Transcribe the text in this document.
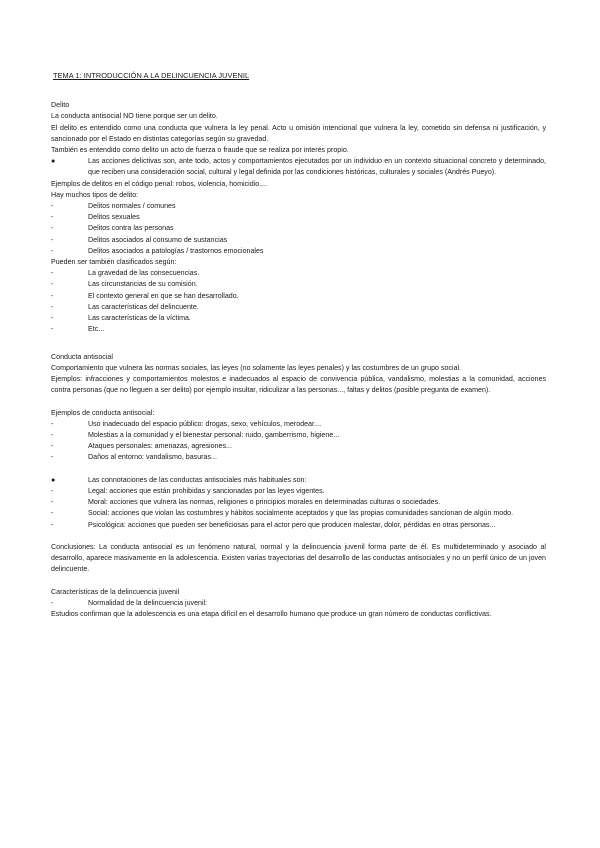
TEMA 1: INTRODUCCIÓN A LA DELINCUENCIA JUVENIL

Delito

La conducta antisocial NO tiene porque ser un delito.

El delito es entendido como una conducta que vulnera la ley penal. Acto u omisión intencional que vulnera la ley, cometido sin defensa ni justificación, y sancionado por el Estado en distintas categorías según su gravedad.

También es entendido como delito un acto de fuerza o fraude que se realiza por interés propio.

●	Las acciones delictivas son, ante todo, actos y comportamientos ejecutados por un individuo en un contexto situacional concreto y determinado, que reciben una consideración social, cultural y legal definida por las condiciones históricas, culturales y sociales (Andrés Pueyo).

Ejemplos de delitos en el código penal: robos, violencia, homicidio....

Hay muchos tipos de delito:

-	Delitos normales / comunes
-	Delitos sexuales
-	Delitos contra las personas
-	Delitos asociados al consumo de sustancias
-	Delitos asociados a patologías / trastornos emocionales

Pueden ser también clasificados según:

-	La gravedad de las consecuencias.
-	Las circunstancias de su comisión.
-	El contexto general en que se han desarrollado.
-	Las características del delincuente.
-	Las características de la víctima.
-	Etc...

Conducta antisocial

Comportamiento que vulnera las normas sociales, las leyes (no solamente las leyes penales) y las costumbres de un grupo social.

Ejemplos: infracciones y comportamientos molestos e inadecuados al espacio de convivencia pública, vandalismo, molestias a la comunidad, acciones contra personas (que no lleguen a ser delito) por ejemplo insultar, ridiculizar a las personas..., faltas y delitos (posible pregunta de examen).

Ejemplos de conducta antisocial:

-	Uso inadecuado del espacio público: drogas, sexo, vehículos, merodear....
-	Molestias a la comunidad y el bienestar personal: ruido, gamberrismo, higiene...
-	Ataques personales: amenazas, agresiones...
-	Daños al entorno: vandalismo, basuras...
●	Las connotaciones de las conductas antisociales más habituales son:
-	Legal: acciones que están prohibidas y sancionadas por las leyes vigentes.
-	Moral: acciones que vulnera las normas, religiones o principios morales en determinadas culturas o sociedades.
-	Social: acciones que violan las costumbres y hábitos socialmente aceptados y que las propias comunidades sancionan de algún modo.
-	Psicológica: acciones que pueden ser beneficiosas para el actor pero que producen malestar, dolor, pérdidas en otras personas...

Conclusiones: La conducta antisocial es un fenómeno natural, normal y la delincuencia juvenil forma parte de él. Es multideterminado y asociado al desarrollo, aparece masivamente en la adolescencia. Existen varias trayectorias del desarrollo de las conductas antisociales y no un perfil único de un joven delincuente.

Características de la delincuencia juvenil

-	Normalidad de la delincuencia juvenil:

Estudios confirman que la adolescencia es una etapa difícil en el desarrollo humano que produce un gran número de conductas conflictivas.
